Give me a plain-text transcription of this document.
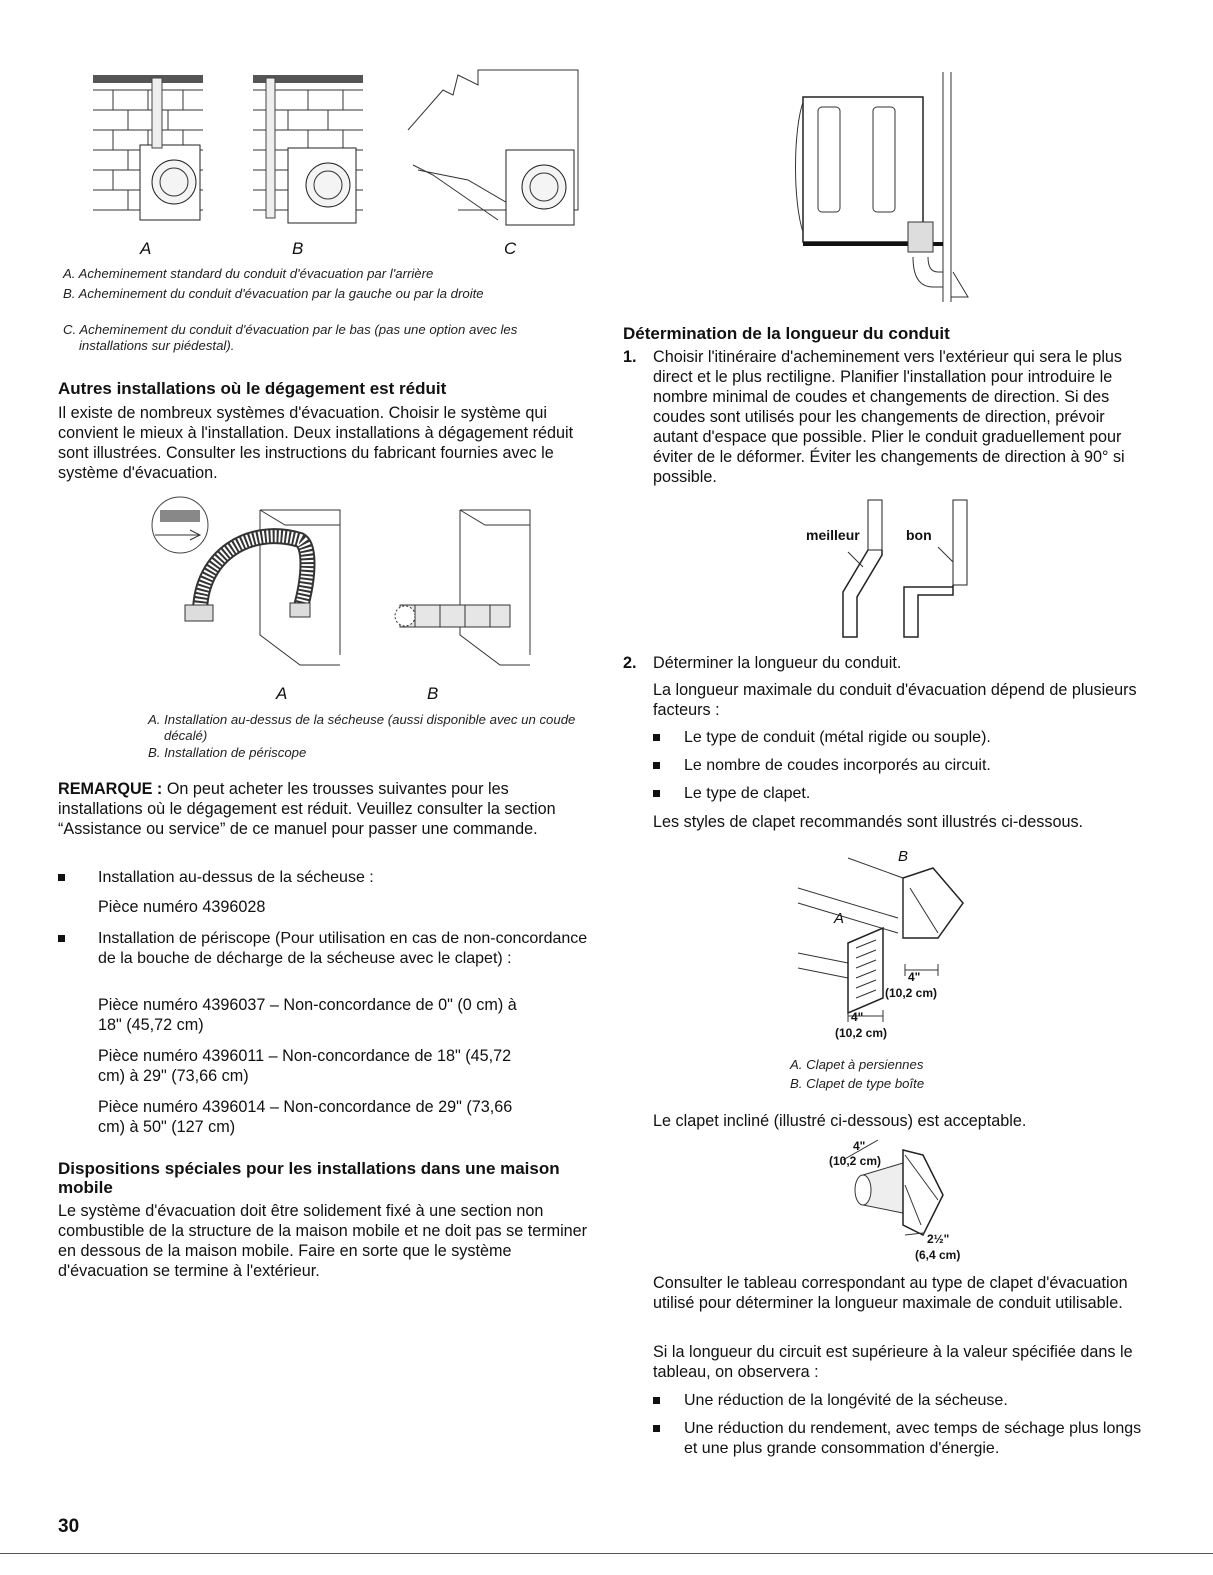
A	B	C
A. Acheminement standard du conduit d'évacuation par l'arrière
B. Acheminement du conduit d'évacuation par la gauche ou par la droite
C. Acheminement du conduit d'évacuation par le bas (pas une option avec les installations sur piédestal).
Autres installations où le dégagement est réduit
Il existe de nombreux systèmes d'évacuation. Choisir le système qui convient le mieux à l'installation. Deux installations à dégagement réduit sont illustrées. Consulter les instructions du fabricant fournies avec le système d'évacuation.
A	B
A. Installation au-dessus de la sécheuse (aussi disponible avec un coude décalé)
B. Installation de périscope
REMARQUE : On peut acheter les trousses suivantes pour les installations où le dégagement est réduit. Veuillez consulter la section “Assistance ou service” de ce manuel pour passer une commande.
Installation au-dessus de la sécheuse :
Pièce numéro 4396028
Installation de périscope (Pour utilisation en cas de non-concordance de la bouche de décharge de la sécheuse avec le clapet) :
Pièce numéro 4396037 – Non-concordance de 0" (0 cm) à 18" (45,72 cm)
Pièce numéro 4396011 – Non-concordance de 18" (45,72 cm) à 29" (73,66 cm)
Pièce numéro 4396014 – Non-concordance de 29" (73,66 cm) à 50" (127 cm)
Dispositions spéciales pour les installations dans une maison mobile
Le système d'évacuation doit être solidement fixé à une section non combustible de la structure de la maison mobile et ne doit pas se terminer en dessous de la maison mobile. Faire en sorte que le système d'évacuation se termine à l'extérieur.
Détermination de la longueur du conduit
1. Choisir l'itinéraire d'acheminement vers l'extérieur qui sera le plus direct et le plus rectiligne. Planifier l'installation pour introduire le nombre minimal de coudes et changements de direction. Si des coudes sont utilisés pour les changements de direction, prévoir autant d'espace que possible. Plier le conduit graduellement pour éviter de le déformer. Éviter les changements de direction à 90° si possible.
meilleur	bon
2. Déterminer la longueur du conduit.
La longueur maximale du conduit d'évacuation dépend de plusieurs facteurs :
Le type de conduit (métal rigide ou souple).
Le nombre de coudes incorporés au circuit.
Le type de clapet.
Les styles de clapet recommandés sont illustrés ci-dessous.
B
A
4"
(10,2 cm)
4"
(10,2 cm)
A. Clapet à persiennes
B. Clapet de type boîte
Le clapet incliné (illustré ci-dessous) est acceptable.
4"
(10,2 cm)
2½"
(6,4 cm)
Consulter le tableau correspondant au type de clapet d'évacuation utilisé pour déterminer la longueur maximale de conduit utilisable.
Si la longueur du circuit est supérieure à la valeur spécifiée dans le tableau, on observera :
Une réduction de la longévité de la sécheuse.
Une réduction du rendement, avec temps de séchage plus longs et une plus grande consommation d'énergie.
30
